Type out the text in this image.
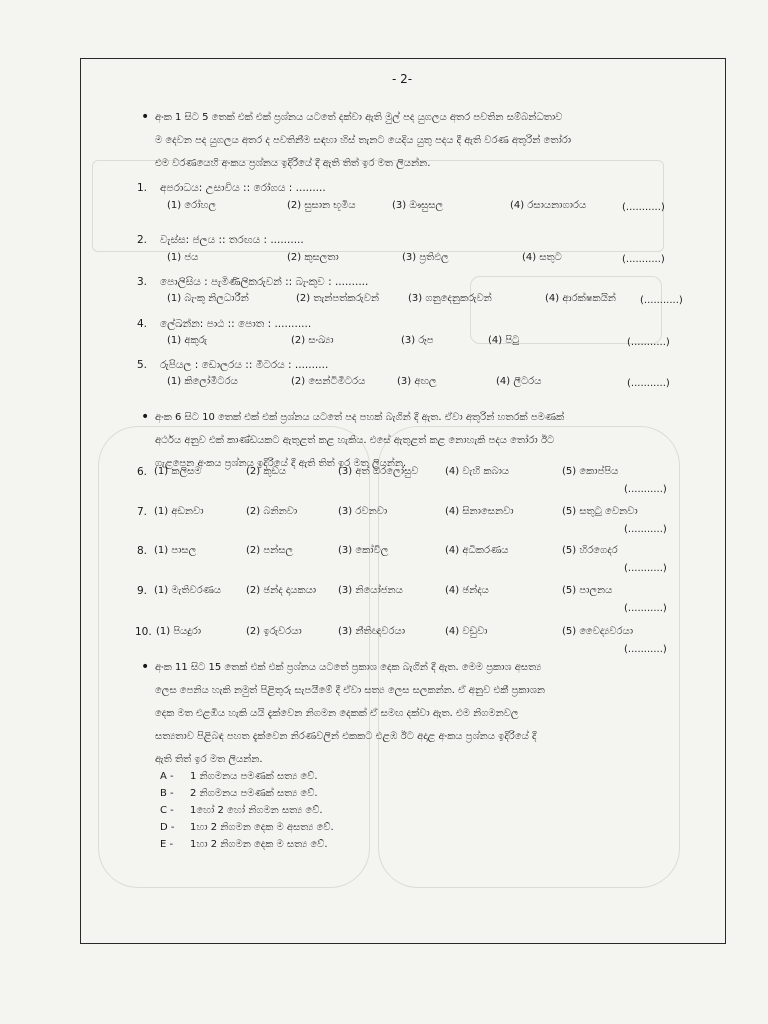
- 2-
• අංක 1 සිට 5 තෙක් එක් එක් ප්‍රශ්නය යටතේ දක්වා ඇති මුල් පද යුගලය අතර පවතින සම්බන්ධතාව
ම දෙවන පද යුගලය අතර ද පවතිනීම සඳහා හිස් තැනට යෙදිය යුතු පදය දී ඇති වරණ අතුරින් තෝරා
එම වරණයෙහි අංකය ප්‍රශ්නය ඉදිරියේ දී ඇති තිත් ඉර මත ලියන්න.
1. අපරාධය: උසාවිය :: රෝගය : .........
(1) රෝහල	(2) සුසාන භූමිය	(3) ඖසුසල	(4) රසායනාගාරය	(...........)
2. වැස්ස: ජලය :: තරඟය : ..........
(1) ජය	(2) කුසලතා	(3) ප්‍රතිඵල	(4) සතුට	(...........)
3. පොලිසිය : පැමිණිලිකරුවන් :: බැංකුව : ..........
(1) බැංකු නිලධාරීන්	(2) තැන්පත්කරුවන්	(3) ගනුදෙනුකරුවන්	(4) ආරක්ෂකයින් (...........)
4. ලේඛන්න: පාඨ :: පොත : ...........
(1) අකුරු	(2) සංඛ්‍යා	(3) රූප	(4) පිටු	(...........)
5. රුපියල : ඩොලරය :: මීටරය : ..........
(1) කිලෝමීටරය	(2) සෙන්ටිමීටරය	(3) අඟල	(4) ලීටරය	(...........)
• අංක 6 සිට 10 තෙක් එක් එක් ප්‍රශ්නය යටතේ පද පහක් බැගින් දී ඇත. ඒවා අතුරින් හතරක් පමණක්
අර්ථය අනුව එක් කාණ්ඩයකට ඇතුළත් කළ හැකිය. එසේ ඇතුළත් කළ නොහැකි පදය තෝරා ඊට
ගැළපෙන අංකය ප්‍රශ්නය ඉදිරියේ දී ඇති තිත් ඉර මත ලියන්න.
6. (1) කලිසම	(2) කුඩය	(3) අත් ඔරලෝසුව	(4) වැහි කබාය	(5) කොප්පිය
(...........)
7. (1) අඩනවා	(2) බනිනවා	(3) රවනවා	(4) සිනාසෙනවා	(5) සතුටු වෙනවා
(...........)
8. (1) පාසල	(2) පන්සල	(3) කෝවිල	(4) අධිකරණය	(5) හිරගෙදර
(...........)
9. (1) මැතිවරණය (2) ඡන්ද දායකයා (3) නියෝජනය	(4) ඡන්දය	(5) පාලනය
(...........)
10. (1) පියදුරා	(2) ඉරුවරයා	(3) නීතිඥවරයා	(4) වඩුවා	(5) වෛද්‍යවරයා
(...........)
• අංක 11 සිට 15 තෙක් එක් එක් ප්‍රශ්නය යටතේ ප්‍රකාශ දෙක බැගින් දී ඇත. මෙම ප්‍රකාශ අසත්‍ය
ලෙස පෙනිය හැකි නමුත් පිළිතුරු සැපයීමේ දී ඒවා සත්‍ය ලෙස සලකන්න. ඒ අනුව එකී ප්‍රකාශන
දෙක මත එළඹිය හැකි යයි දැක්වෙන නිගමන දෙකක් ඒ සමඟ දක්වා ඇත. එම නිගමනවල
සත්‍යතාව පිළිබඳ පහත දැක්වෙන නිරණවලින් එකකට එළඹ ඊට අදාළ අංකය ප්‍රශ්නය ඉදිරියේ දී
ඇති තිත් ඉර මත ලියන්න.
A -	1 නිගමනය පමණක් සත්‍ය වේ.
B -	2 නිගමනය පමණක් සත්‍ය වේ.
C -	1හෝ 2 හෝ නිගමන සත්‍ය වේ.
D -	1හා 2 නිගමන දෙක ම අසත්‍ය වේ.
E -	1හා 2 නිගමන දෙක ම සත්‍ය වේ.
